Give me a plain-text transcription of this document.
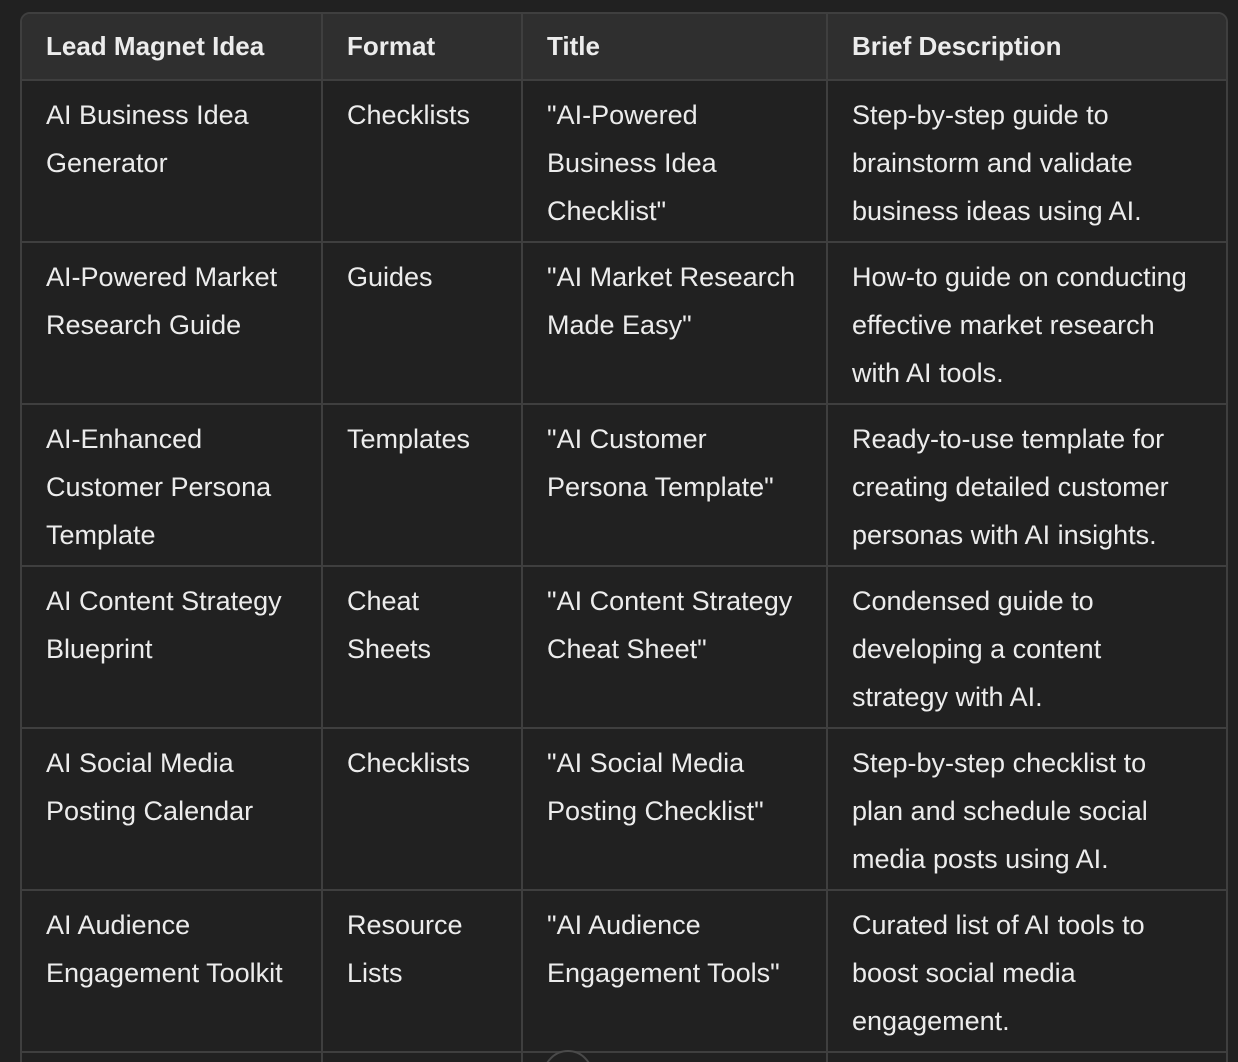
Lead Magnet Idea	Format	Title	Brief Description
AI Business Idea Generator	Checklists	"AI-Powered Business Idea Checklist"	Step-by-step guide to brainstorm and validate business ideas using AI.
AI-Powered Market Research Guide	Guides	"AI Market Research Made Easy"	How-to guide on conducting effective market research with AI tools.
AI-Enhanced Customer Persona Template	Templates	"AI Customer Persona Template"	Ready-to-use template for creating detailed customer personas with AI insights.
AI Content Strategy Blueprint	Cheat Sheets	"AI Content Strategy Cheat Sheet"	Condensed guide to developing a content strategy with AI.
AI Social Media Posting Calendar	Checklists	"AI Social Media Posting Checklist"	Step-by-step checklist to plan and schedule social media posts using AI.
AI Audience Engagement Toolkit	Resource Lists	"AI Audience Engagement Tools"	Curated list of AI tools to boost social media engagement.
